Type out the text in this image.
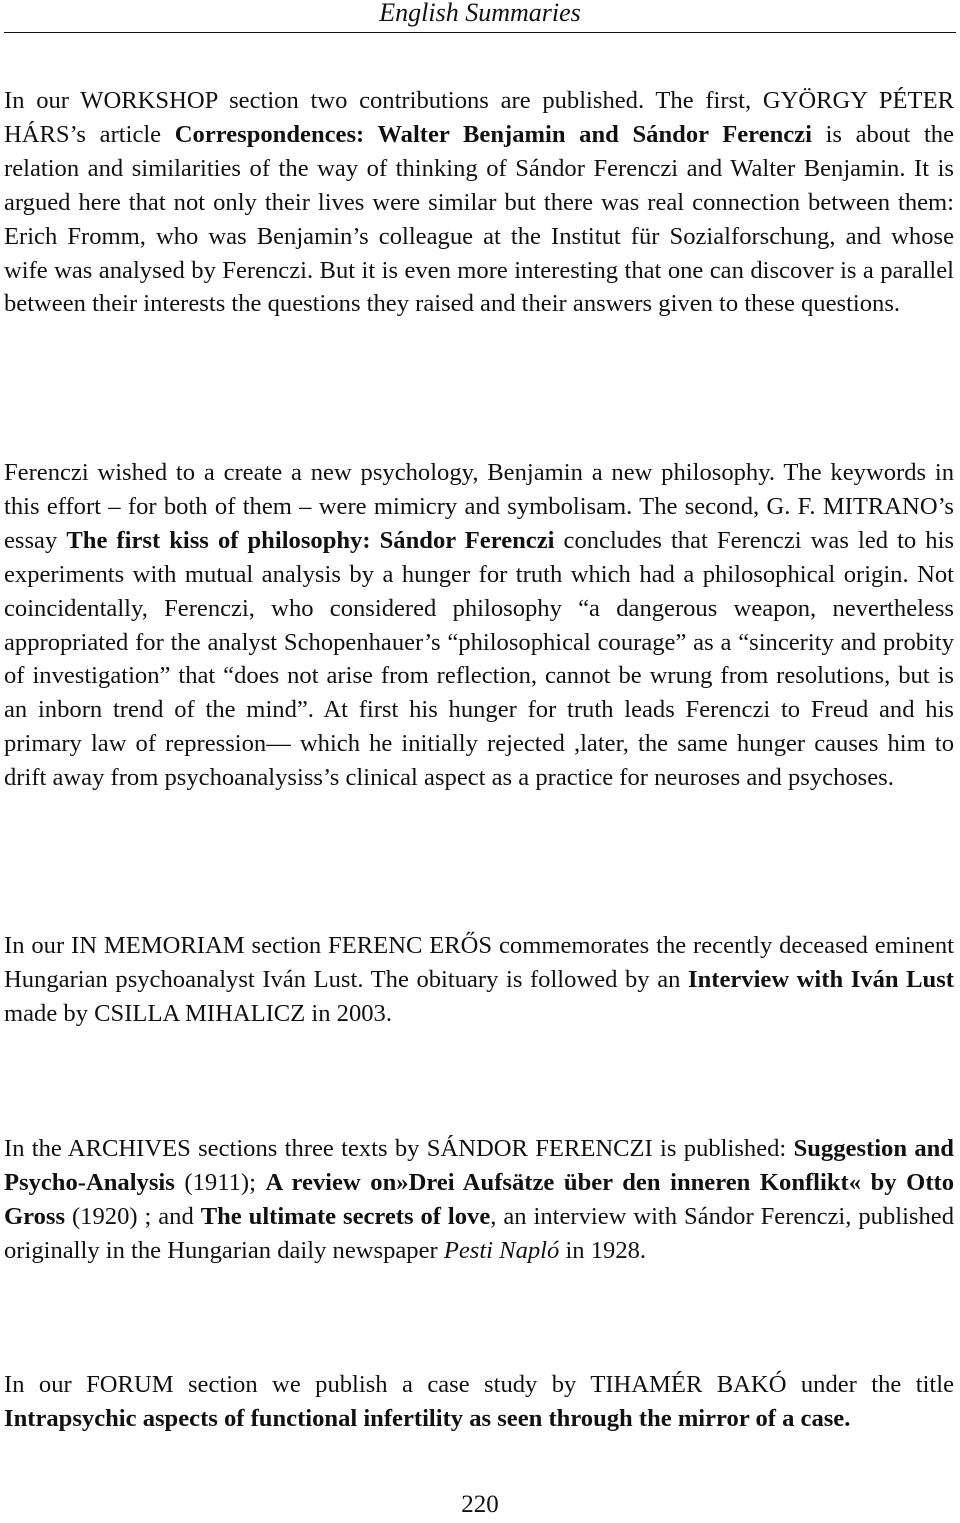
English Summaries

In our WORKSHOP section two contributions are published. The first, GYÖRGY PÉTER HÁRS’s article Correspondences: Walter Benjamin and Sándor Ferenczi is about the relation and similarities of the way of thinking of Sándor Ferenczi and Walter Benjamin. It is argued here that not only their lives were similar but there was real connection between them: Erich Fromm, who was Benjamin’s colleague at the Institut für Sozialforschung, and whose wife was analysed by Ferenczi. But it is even more interesting that one can discover is a parallel between their interests the questions they raised and their answers given to these questions.

Ferenczi wished to a create a new psychology, Benjamin a new philosophy. The keywords in this effort – for both of them – were mimicry and symbolisam. The second, G. F. MITRANO’s essay The first kiss of philosophy: Sándor Ferenczi concludes that Ferenczi was led to his experiments with mutual analysis by a hunger for truth which had a philosophical origin. Not coincidentally, Ferenczi, who considered philosophy “a dangerous weapon, nevertheless appropriated for the analyst Schopenhauer’s “philosophical courage” as a “sincerity and probity of investigation” that “does not arise from reflection, cannot be wrung from resolutions, but is an inborn trend of the mind”. At first his hunger for truth leads Ferenczi to Freud and his primary law of repression— which he initially rejected ,later, the same hunger causes him to drift away from psychoanalysiss’s clinical aspect as a practice for neuroses and psychoses.

In our IN MEMORIAM section FERENC ERŐS commemorates the recently deceased eminent Hungarian psychoanalyst Iván Lust. The obituary is followed by an Interview with Iván Lust made by CSILLA MIHALICZ in 2003.

In the ARCHIVES sections three texts by SÁNDOR FERENCZI is published: Suggestion and Psycho-Analysis (1911); A review on»Drei Aufsätze über den inneren Konflikt« by Otto Gross (1920) ; and The ultimate secrets of love, an interview with Sándor Ferenczi, published originally in the Hungarian daily newspaper Pesti Napló in 1928.

In our FORUM section we publish a case study by TIHAMÉR BAKÓ under the title Intrapsychic aspects of functional infertility as seen through the mirror of a case.

220
